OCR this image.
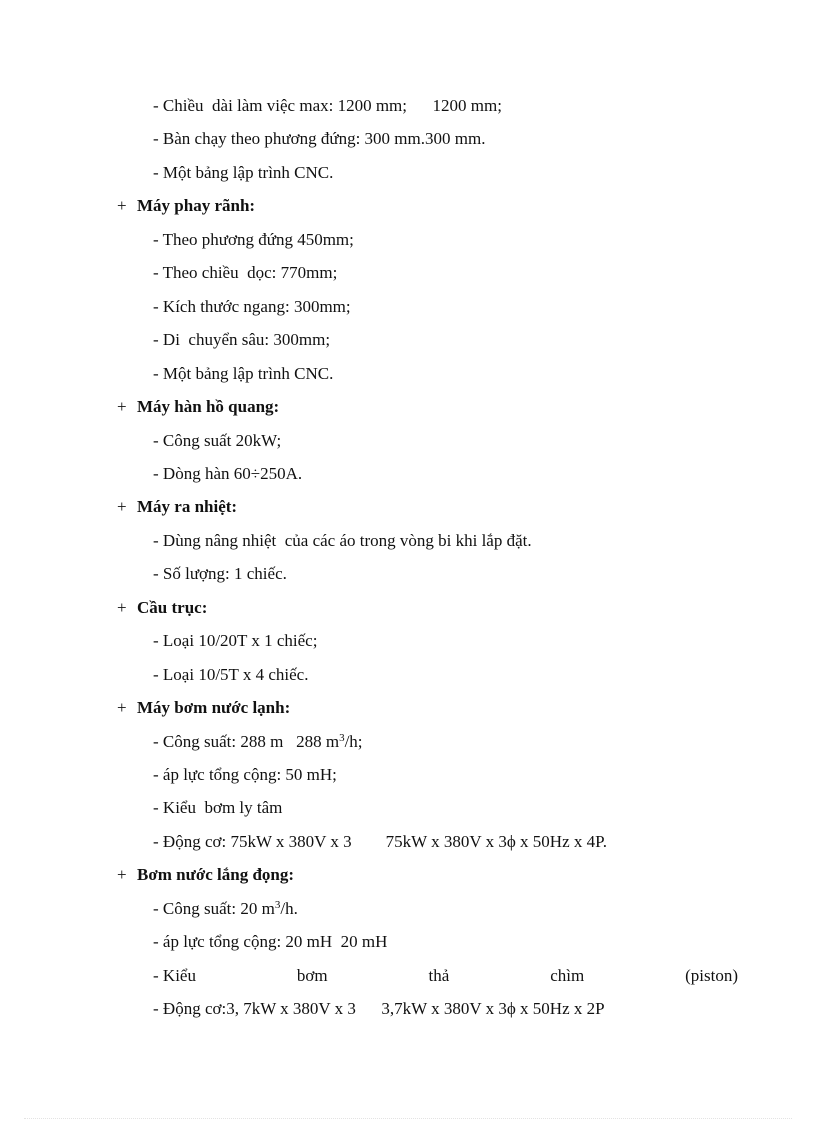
- Chiều  dài làm việc max: 1200 mm;      1200 mm;
- Bàn chạy theo phương đứng: 300 mm.300 mm.
- Một bảng lập trình CNC.
+ Máy phay rãnh:
- Theo phương đứng 450mm;
- Theo chiều  dọc: 770mm;
- Kích thước ngang: 300mm;
- Di  chuyển sâu: 300mm;
- Một bảng lập trình CNC.
+ Máy hàn hồ quang:
- Công suất 20kW;
- Dòng hàn 60÷250A.
+ Máy ra nhiệt:
- Dùng nâng nhiệt  của các áo trong vòng bi khi lắp đặt.
- Số lượng: 1 chiếc.
+ Cầu trục:
- Loại 10/20T x 1 chiếc;
- Loại 10/5T x 4 chiếc.
+ Máy bơm nước lạnh:
- Công suất: 288 m   288 $m^3/h$;
- áp lực tổng cộng: 50 mH;
- Kiểu  bơm ly tâm
- Động cơ: 75kW x 380V x 3        75kW x 380V x 3ϕ x 50Hz x 4P.
+ Bơm nước lắng đọng:
- Công suất: 20 $m^3/h$.
- áp lực tổng cộng: 20 mH  20 mH
- Kiểu	bơm	thả	chìm	(piston)
- Động cơ:3, 7kW x 380V x 3      3,7kW x 380V x 3ϕ x 50Hz x 2P
